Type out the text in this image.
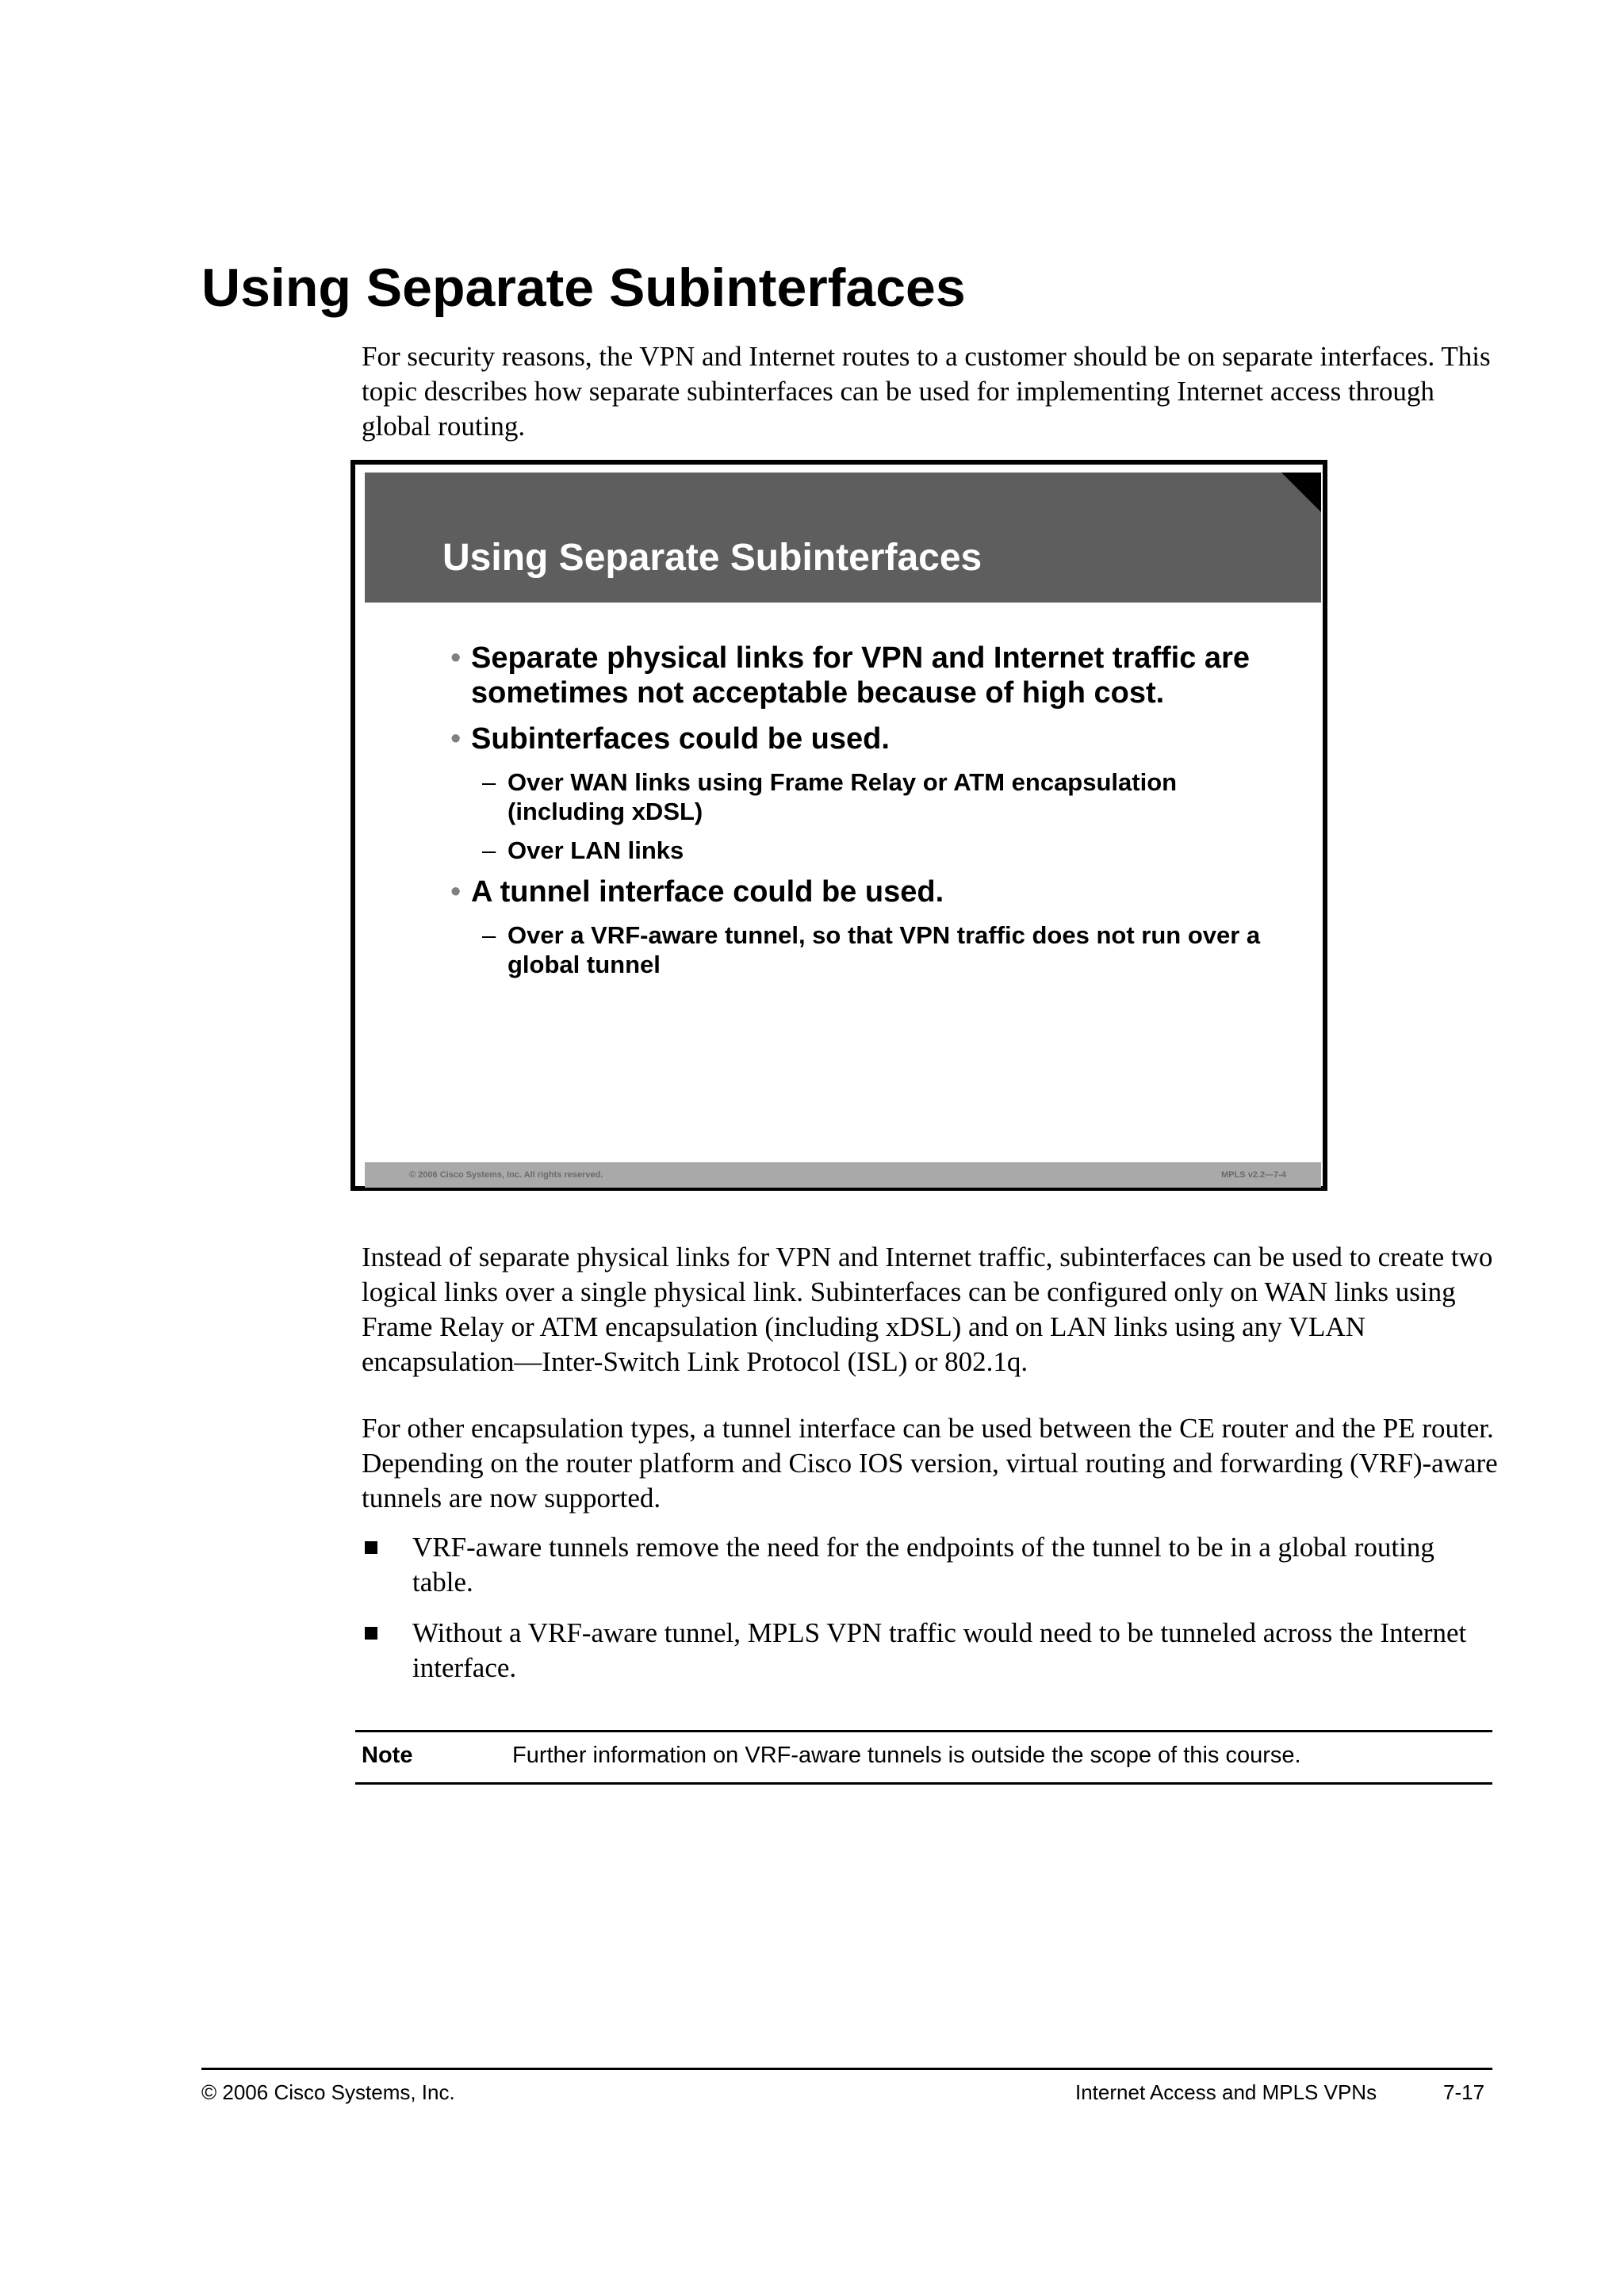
Using Separate Subinterfaces

For security reasons, the VPN and Internet routes to a customer should be on separate interfaces. This topic describes how separate subinterfaces can be used for implementing Internet access through global routing.

Using Separate Subinterfaces
• Separate physical links for VPN and Internet traffic are sometimes not acceptable because of high cost.
• Subinterfaces could be used.
– Over WAN links using Frame Relay or ATM encapsulation (including xDSL)
– Over LAN links
• A tunnel interface could be used.
– Over a VRF-aware tunnel, so that VPN traffic does not run over a global tunnel
© 2006 Cisco Systems, Inc. All rights reserved.	MPLS v2.2—7-4

Instead of separate physical links for VPN and Internet traffic, subinterfaces can be used to create two logical links over a single physical link. Subinterfaces can be configured only on WAN links using Frame Relay or ATM encapsulation (including xDSL) and on LAN links using any VLAN encapsulation—Inter-Switch Link Protocol (ISL) or 802.1q.

For other encapsulation types, a tunnel interface can be used between the CE router and the PE router. Depending on the router platform and Cisco IOS version, virtual routing and forwarding (VRF)-aware tunnels are now supported.

VRF-aware tunnels remove the need for the endpoints of the tunnel to be in a global routing table.
Without a VRF-aware tunnel, MPLS VPN traffic would need to be tunneled across the Internet interface.
Note	Further information on VRF-aware tunnels is outside the scope of this course.
© 2006 Cisco Systems, Inc.	Internet Access and MPLS VPNs	7-17
